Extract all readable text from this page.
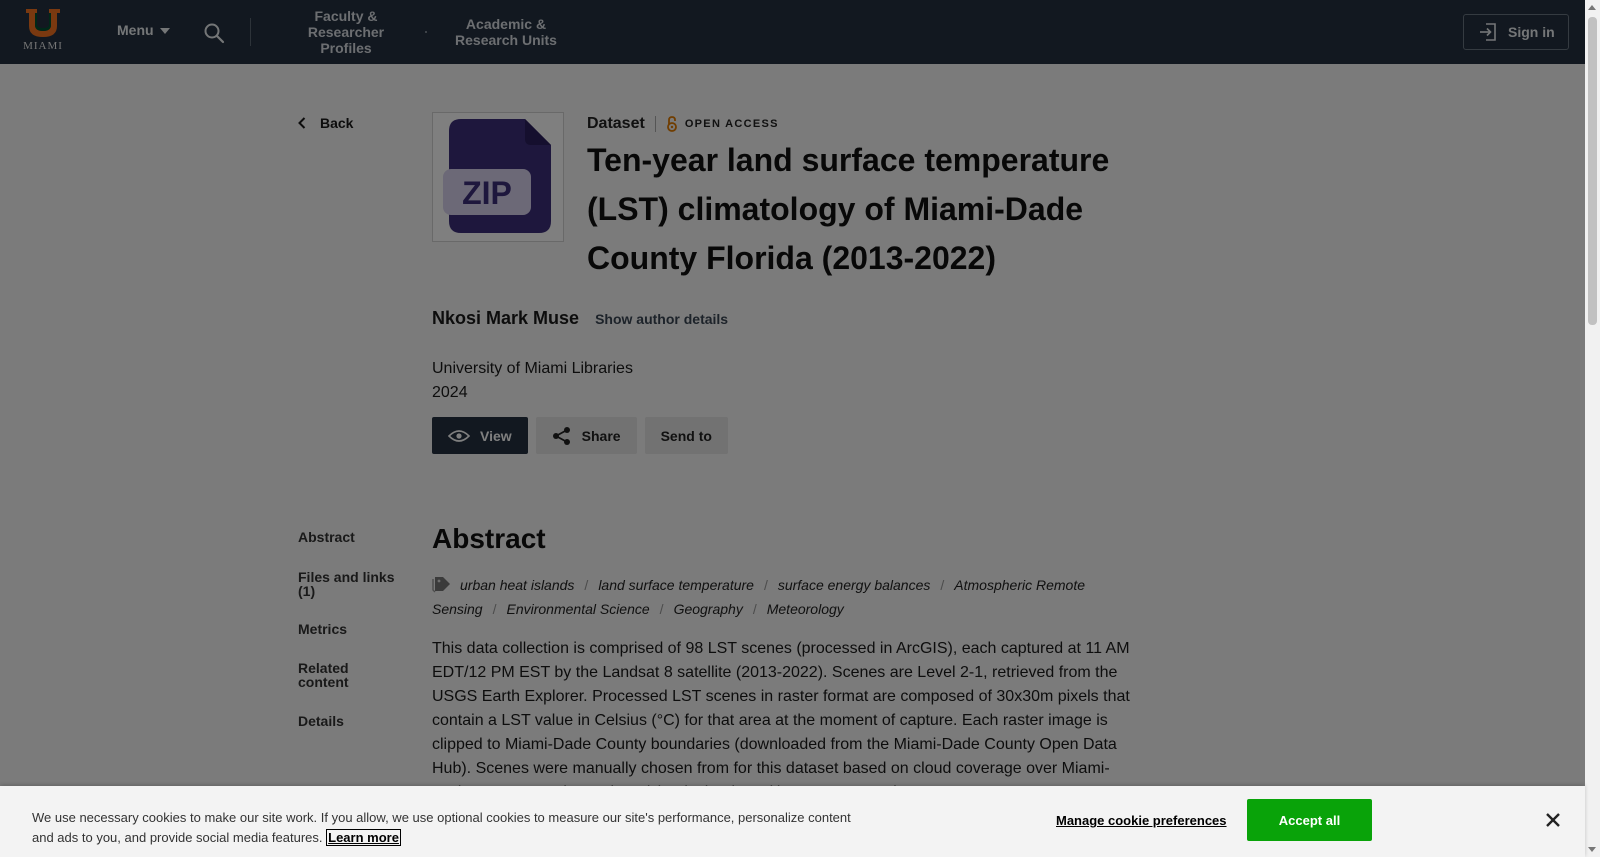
We use necessary cookies to make our site work. If you allow, we use optional cookies to measure our site's performance, personalize content and ads to you, and provide social media features. Learn more

Manage cookie preferences	Accept all
